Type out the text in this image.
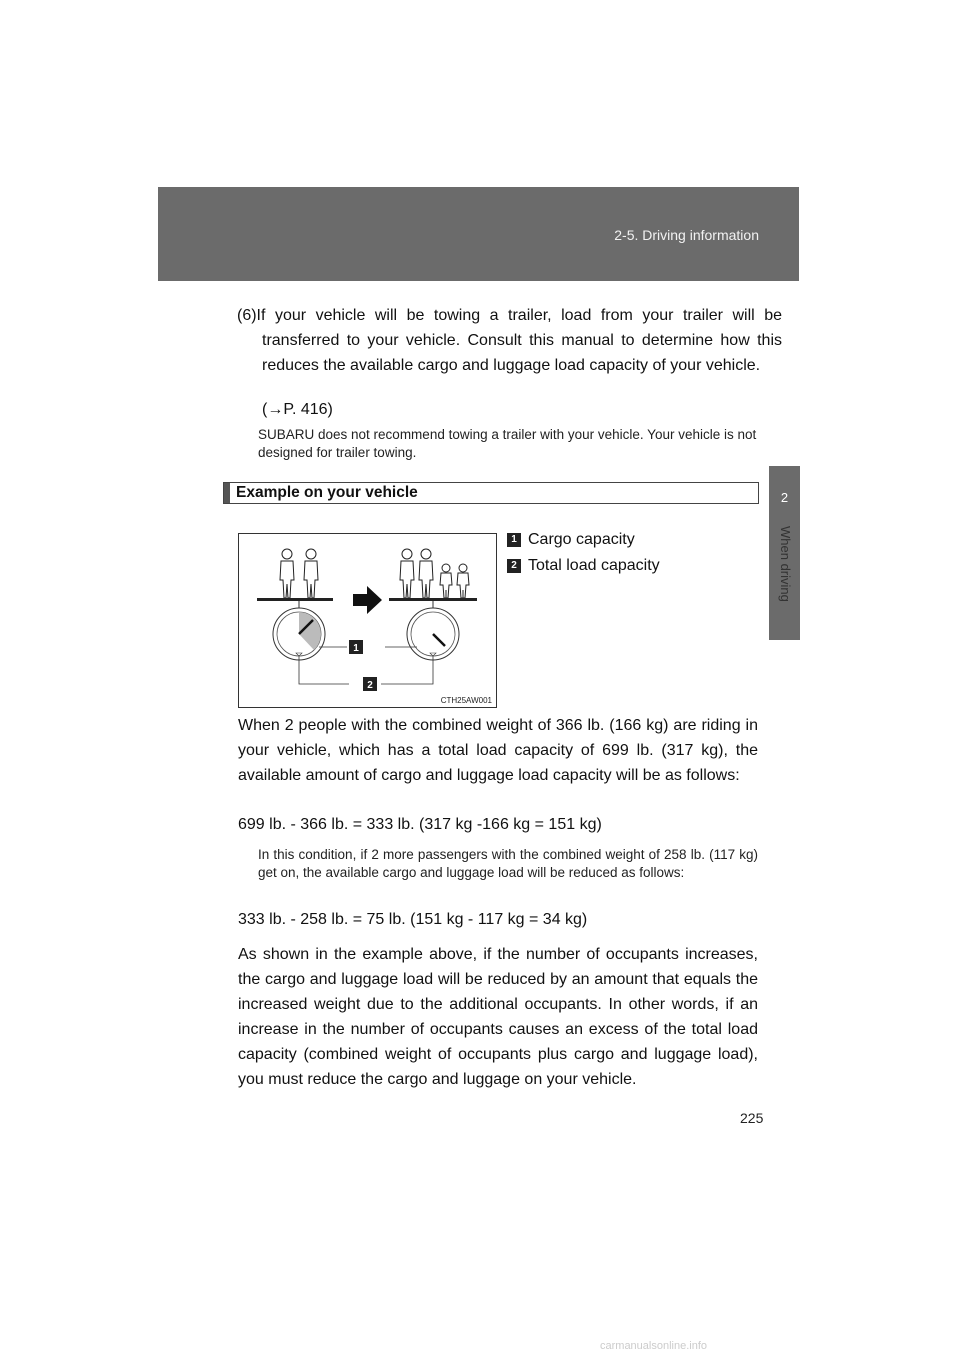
2-5. Driving information
2
When driving
(6)If your vehicle will be towing a trailer, load from your trailer will be transferred to your vehicle. Consult this manual to determine how this reduces the available cargo and luggage load capacity of your vehicle.
(→P. 416)
SUBARU does not recommend towing a trailer with your vehicle. Your vehicle is not designed for trailer towing.
Example on your vehicle
1
2
CTH25AW001
1 Cargo capacity
2 Total load capacity
When 2 people with the combined weight of 366 lb. (166 kg) are riding in your vehicle, which has a total load capacity of 699 lb. (317 kg), the available amount of cargo and luggage load capacity will be as follows:
699 lb. - 366 lb. = 333 lb. (317 kg -166 kg = 151 kg)
In this condition, if 2 more passengers with the combined weight of 258 lb. (117 kg) get on, the available cargo and luggage load will be reduced as follows:
333 lb. - 258 lb. = 75 lb. (151 kg - 117 kg = 34 kg)
As shown in the example above, if the number of occupants increases, the cargo and luggage load will be reduced by an amount that equals the increased weight due to the additional occupants. In other words, if an increase in the number of occupants causes an excess of the total load capacity (combined weight of occupants plus cargo and luggage load), you must reduce the cargo and luggage on your vehicle.
225
carmanualsonline.info
